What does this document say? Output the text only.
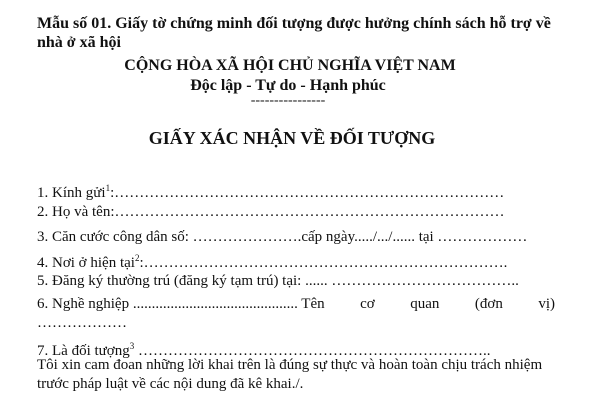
Mẫu số 01. Giấy tờ chứng minh đối tượng được hưởng chính sách hỗ trợ về nhà ở xã hội
CỘNG HÒA XÃ HỘI CHỦ NGHĨA VIỆT NAM
Độc lập - Tự do - Hạnh phúc
----------------
GIẤY XÁC NHẬN VỀ ĐỐI TƯỢNG
1. Kính gửi$^1$:……………………………………………………………………
2. Họ và tên:……………………………………………………………………
3. Căn cước công dân số: ………………….cấp ngày...../.../...... tại ………………
4. Nơi ở hiện tại$^2$:……………………………………………………………….
5. Đăng ký thường trú (đăng ký tạm trú) tại: ...... ………………………………..
6. Nghề nghiệp ............................................ Tên cơ quan (đơn vị)
………………
7. Là đối tượng$^3$ ……………………………………………………………..
Tôi xin cam đoan những lời khai trên là đúng sự thực và hoàn toàn chịu trách nhiệm trước pháp luật về các nội dung đã kê khai./.
